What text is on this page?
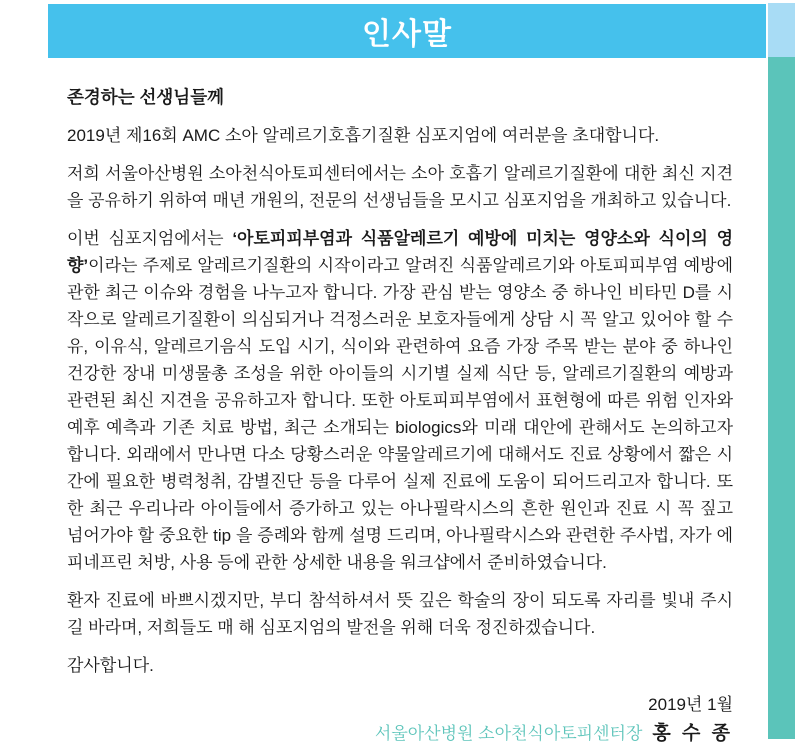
인사말
존경하는 선생님들께

2019년 제16회 AMC 소아 알레르기호흡기질환 심포지엄에 여러분을 초대합니다.

저희 서울아산병원 소아천식아토피센터에서는 소아 호흡기 알레르기질환에 대한 최신 지견을 공유하기 위하여 매년 개원의, 전문의 선생님들을 모시고 심포지엄을 개최하고 있습니다.

이번 심포지엄에서는 ‘아토피피부염과 식품알레르기 예방에 미치는 영양소와 식이의 영향’이라는 주제로 알레르기질환의 시작이라고 알려진 식품알레르기와 아토피피부염 예방에 관한 최근 이슈와 경험을 나누고자 합니다. 가장 관심 받는 영양소 중 하나인 비타민 D를 시작으로 알레르기질환이 의심되거나 걱정스러운 보호자들에게 상담 시 꼭 알고 있어야 할 수유, 이유식, 알레르기음식 도입 시기, 식이와 관련하여 요즘 가장 주목 받는 분야 중 하나인 건강한 장내 미생물총 조성을 위한 아이들의 시기별 실제 식단 등, 알레르기질환의 예방과 관련된 최신 지견을 공유하고자 합니다. 또한 아토피피부염에서 표현형에 따른 위험 인자와 예후 예측과 기존 치료 방법, 최근 소개되는 biologics와 미래 대안에 관해서도 논의하고자 합니다. 외래에서 만나면 다소 당황스러운 약물알레르기에 대해서도 진료 상황에서 짧은 시간에 필요한 병력청취, 감별진단 등을 다루어 실제 진료에 도움이 되어드리고자 합니다. 또한 최근 우리나라 아이들에서 증가하고 있는 아나필락시스의 흔한 원인과 진료 시 꼭 짚고 넘어가야 할 중요한 tip 을 증례와 함께 설명 드리며, 아나필락시스와 관련한 주사법, 자가 에피네프린 처방, 사용 등에 관한 상세한 내용을 워크샵에서 준비하였습니다.

환자 진료에 바쁘시겠지만, 부디 참석하셔서 뜻 깊은 학술의 장이 되도록 자리를 빛내 주시길 바라며, 저희들도 매 해 심포지엄의 발전을 위해 더욱 정진하겠습니다.

감사합니다.

2019년 1월
서울아산병원 소아천식아토피센터장 홍 수 종
